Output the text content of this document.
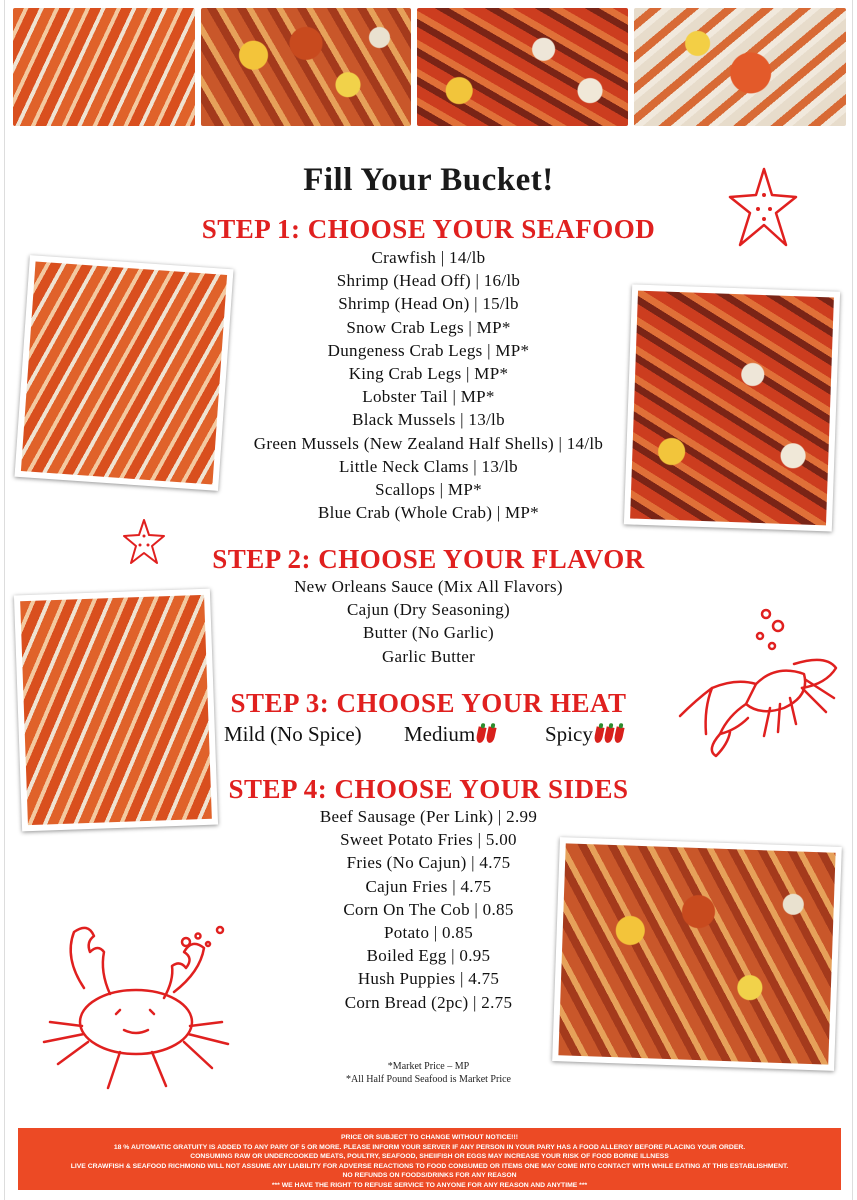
Fill Your Bucket!
STEP 1: CHOOSE YOUR SEAFOOD
Crawfish | 14/lb
Shrimp (Head Off) | 16/lb
Shrimp (Head On) | 15/lb
Snow Crab Legs | MP*
Dungeness Crab Legs | MP*
King Crab Legs | MP*
Lobster Tail | MP*
Black Mussels | 13/lb
Green Mussels (New Zealand Half Shells) | 14/lb
Little Neck Clams | 13/lb
Scallops | MP*
Blue Crab (Whole Crab) | MP*
STEP 2: CHOOSE YOUR FLAVOR
New Orleans Sauce (Mix All Flavors)
Cajun (Dry Seasoning)
Butter (No Garlic)
Garlic Butter
STEP 3: CHOOSE YOUR HEAT
Mild (No Spice) Medium	Spicy
STEP 4: CHOOSE YOUR SIDES
Beef Sausage (Per Link) | 2.99
Sweet Potato Fries | 5.00
Fries (No Cajun) | 4.75
Cajun Fries | 4.75
Corn On The Cob | 0.85
Potato | 0.85
Boiled Egg | 0.95
Hush Puppies | 4.75
Corn Bread (2pc) | 2.75
*Market Price – MP
*All Half Pound Seafood is Market Price
PRICE OR SUBJECT TO CHANGE WITHOUT NOTICE!!!
18 % AUTOMATIC GRATUITY IS ADDED TO ANY PARY OF 5 OR MORE. PLEASE INFORM YOUR SERVER IF ANY PERSON IN YOUR PARY HAS A FOOD ALLERGY BEFORE PLACING YOUR ORDER.
CONSUMING RAW OR UNDERCOOKED MEATS, POULTRY, SEAFOOD, SHEllFISH OR EGGS MAY INCREASE YOUR RISK OF FOOD BORNE ILLNESS
LIVE CRAWFISH & SEAFOOD RICHMOND WILL NOT ASSUME ANY LIABILITY FOR ADVERSE REACTIONS TO FOOD CONSUMED OR ITEMS ONE MAY COME INTO CONTACT WITH WHILE EATING AT THIS ESTABLISHMENT.
NO REFUNDS ON FOODS/DRINKS FOR ANY REASON
*** WE HAVE THE RIGHT TO REFUSE SERVICE TO ANYONE FOR ANY REASON AND ANYTIME ***
